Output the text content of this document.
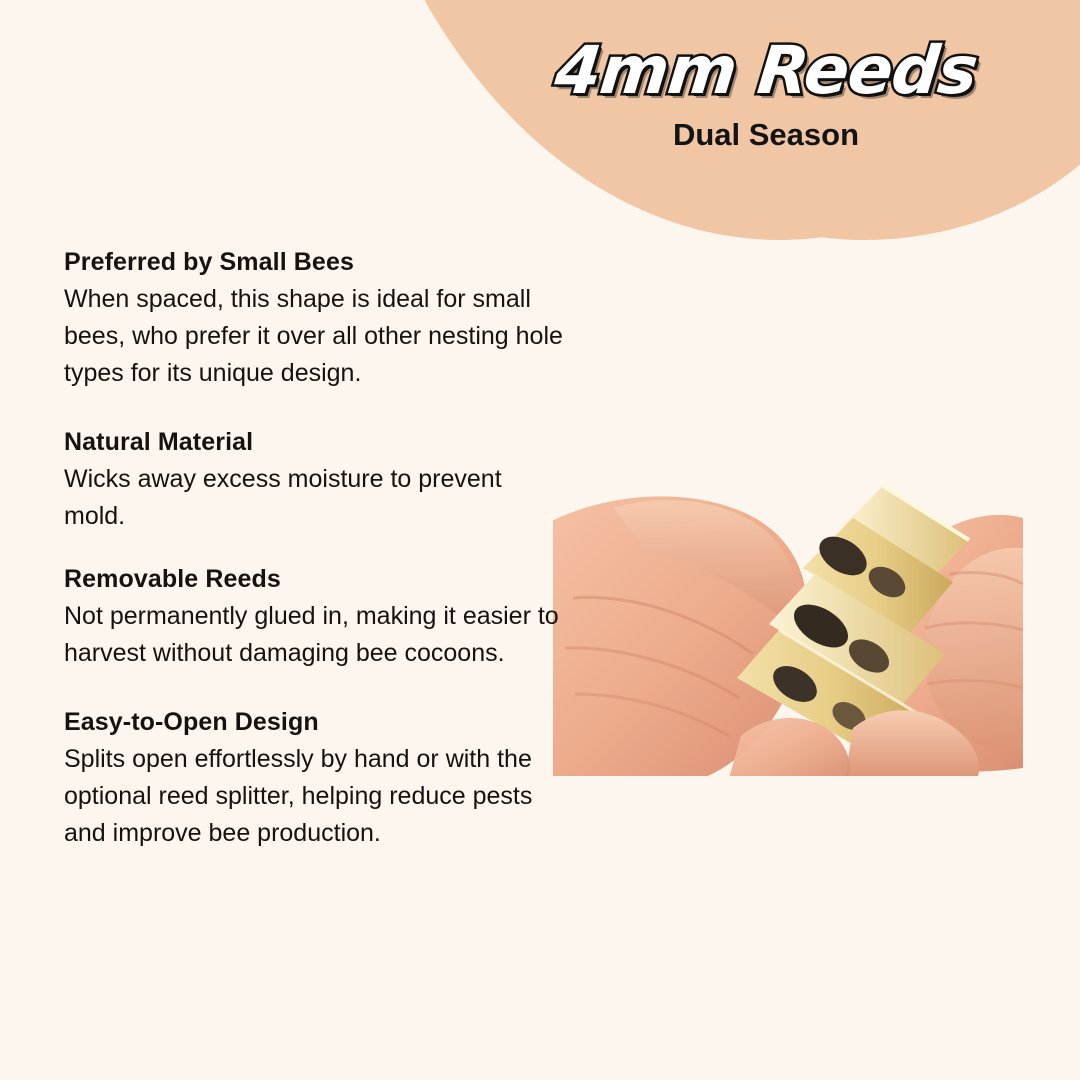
4mm Reeds

Dual Season

Preferred by Small Bees

When spaced, this shape is ideal for small bees, who prefer it over all other nesting hole types for its unique design.

Natural Material

Wicks away excess moisture to prevent mold.

Removable Reeds

Not permanently glued in, making it easier to harvest without damaging bee cocoons.

Easy-to-Open Design

Splits open effortlessly by hand or with the optional reed splitter, helping reduce pests and improve bee production.
